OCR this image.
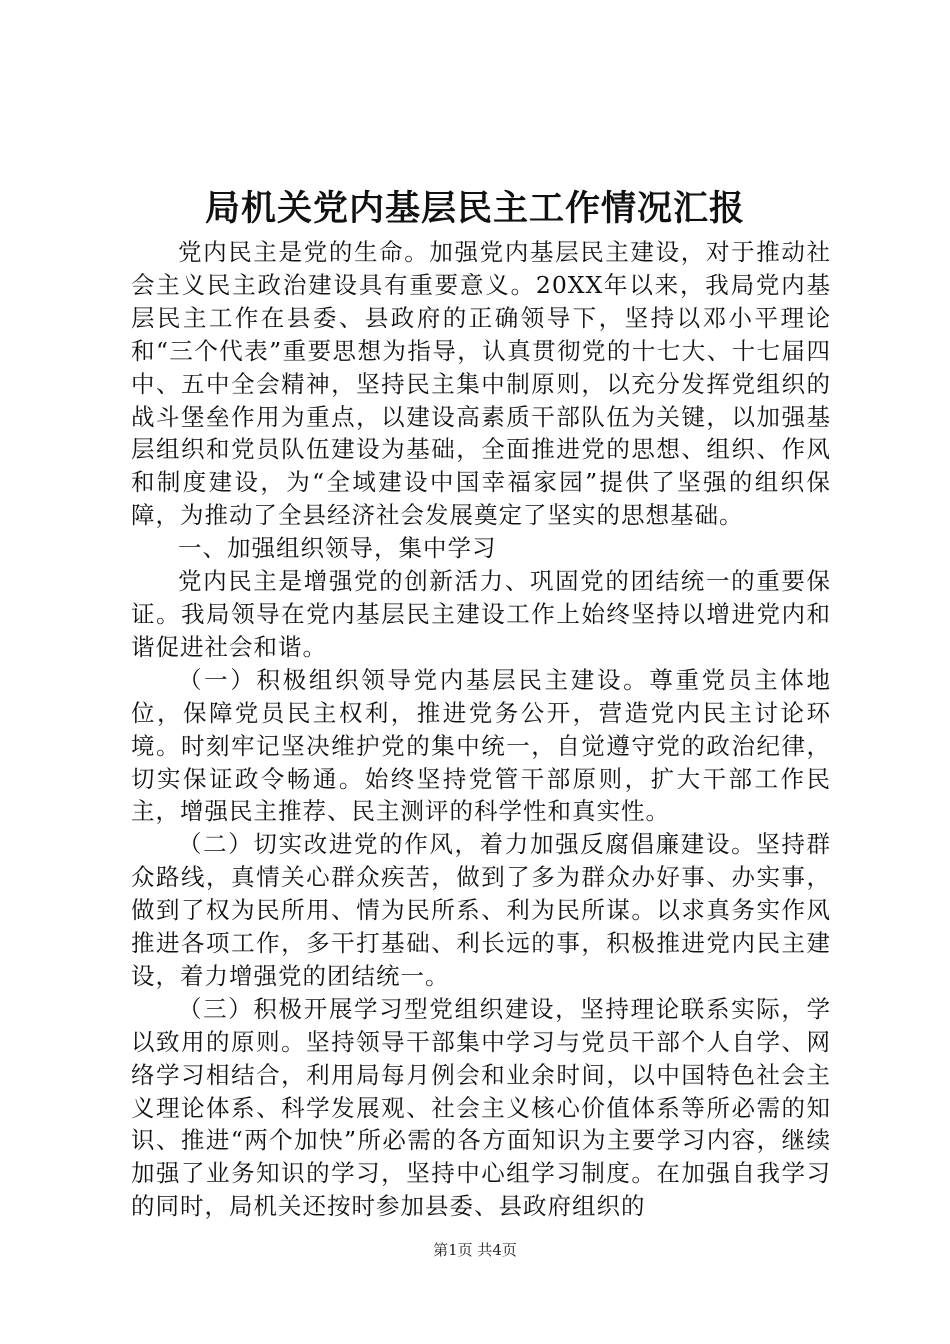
局机关党内基层民主工作情况汇报

党内民主是党的生命。加强党内基层民主建设，对于推动社会主义民主政治建设具有重要意义。20XX年以来，我局党内基层民主工作在县委、县政府的正确领导下，坚持以邓小平理论和“三个代表”重要思想为指导，认真贯彻党的十七大、十七届四中、五中全会精神，坚持民主集中制原则，以充分发挥党组织的战斗堡垒作用为重点，以建设高素质干部队伍为关键，以加强基层组织和党员队伍建设为基础，全面推进党的思想、组织、作风和制度建设，为“全域建设中国幸福家园”提供了坚强的组织保障，为推动了全县经济社会发展奠定了坚实的思想基础。

一、加强组织领导，集中学习

党内民主是增强党的创新活力、巩固党的团结统一的重要保证。我局领导在党内基层民主建设工作上始终坚持以增进党内和谐促进社会和谐。

（一）积极组织领导党内基层民主建设。尊重党员主体地位，保障党员民主权利，推进党务公开，营造党内民主讨论环境。时刻牢记坚决维护党的集中统一，自觉遵守党的政治纪律，切实保证政令畅通。始终坚持党管干部原则，扩大干部工作民主，增强民主推荐、民主测评的科学性和真实性。

（二）切实改进党的作风，着力加强反腐倡廉建设。坚持群众路线，真情关心群众疾苦，做到了多为群众办好事、办实事，做到了权为民所用、情为民所系、利为民所谋。以求真务实作风推进各项工作，多干打基础、利长远的事，积极推进党内民主建设，着力增强党的团结统一。

（三）积极开展学习型党组织建设，坚持理论联系实际，学以致用的原则。坚持领导干部集中学习与党员干部个人自学、网络学习相结合，利用局每月例会和业余时间，以中国特色社会主义理论体系、科学发展观、社会主义核心价值体系等所必需的知识、推进“两个加快”所必需的各方面知识为主要学习内容，继续加强了业务知识的学习，坚持中心组学习制度。在加强自我学习的同时，局机关还按时参加县委、县政府组织的

第1页 共4页
